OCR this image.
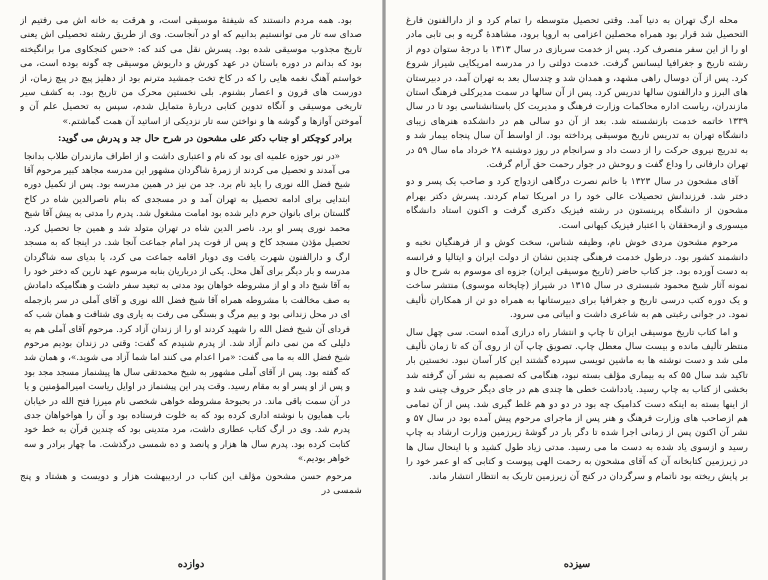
بود. همه مردم دانستند که شیفتهٔ موسیقی است، و هرقت به خانه اش می رفتیم از صدای سه تار می توانستیم بدانیم که او در آنجاست. وی از طریق رشته تحصیلی اش یعنی تاریخ مجذوب موسیقی شده بود. پسرش نقل می کند که: «حس کنجکاوی مرا برانگیخته بود که بدانم در دوره باستان در عهد کورش و داریوش موسیقی چه گونه بوده است، می خواستم آهنگ نغمه هایی را که در کاخ تخت جمشید مترنم بود از دهلیز پیچ در پیچ زمان، از دورست های قرون و اعصار بشنوم. بلی نخستین محرک من تاریخ بود. به کشف سیر تاریخی موسیقی و آنگاه تدوین کتابی دربارهٔ متمایل شدم، سپس به تحصیل علم آن و آموختن آوازها و گوشه ها و نواختن سه تار نزدیکی از اساتید آن همت گماشتم.»

برادر کوچکتر او جناب دکتر علی مشحون در شرح حال جد و پدرش می گوید:

«در نور حوزه علمیه ای بود که نام و اعتباری داشت و از اطراف مازندران طلاب بدانجا می آمدند و تحصیل می کردند از زمرهٔ شاگردان مشهور این مدرسه مجاهد کبیر مرحوم آقا شیخ فضل الله نوری را باید نام برد. جد من نیز در همین مدرسه بود. پس از تکمیل دوره ابتدایی برای ادامه تحصیل به تهران آمد و در مسجدی که بنام ناصرالدین شاه در کاخ گلستان برای بانوان حرم دایر شده بود امامت مشغول شد. پدرم را مدتی به پیش آقا شیخ محمد نوری پسر او برد. ناصر الدین شاه در تهران متولد شد و همین جا تحصیل کرد. تحصیل مؤذن مسجد کاخ و پس از فوت پدر امام جماعت آنجا شد. در اینجا که به مسجد ارگ و دارالفنون شهرت یافت وی دوبار اقامه جماعت می کرد، یا بدیای سه شاگردان مدرسه و بار دیگر برای آهل محل. یکی از درباریان بنابه مرسوم عهد نارین که دختر خود را به آقا شیخ داد و او از مشروطه خواهان بود مدتی به تبعید سفر داشت و هنگامیکه دامادش به صف مخالفت با مشروطه همراه آقا شیخ فضل الله نوری و آقای آملی در سر بازجمله ای در محل زندانی بود و بیم مرگ و بستگی می رفت به یاری وی شتافت و همان شب که فردای آن شیخ فضل الله را شهید کردند او را از زندان آزاد کرد. مرحوم آقای آملی هم به دلیلی که من نمی دانم آزاد شد. از پدرم شنیدم که گفت: وقتی در زندان بودیم مرحوم شیخ فضل الله به ما می گفت: «مرا اعدام می کنند اما شما آزاد می شوید.»، و همان شد که گفته بود. پس از آقای آملی مشهور به شیخ محمدتقی سال ها پیشنماز مسجد مجد بود و پس از او پسر او به مقام رسید. وقت پدر این پیشنماز در اوایل ریاست امیرالمؤمنین و یا در آن سمت باقی ماند. در بحبوحهٔ مشروطه خواهی شخصی نام میرزا فتح الله در خیابان باب همایون با نوشته اداری کرده بود که به خلوت فرستاده بود و آن را هواخواهان جدی پدرم شد. وی در ارگ کتاب عطاری داشت، مرد متدینی بود که چندین قرآن به خط خود کتابت کرده بود. پدرم سال ها هزار و پانصد و ده شمسی درگذشت. ما چهار برادر و سه خواهر بودیم.»

مرحوم حسن مشحون مؤلف این کتاب در اردیبهشت هزار و دویست و هشتاد و پنج شمسی در

دوازده

محله ارگ تهران به دنیا آمد. وقتی تحصیل متوسطه را تمام کرد و از دارالفنون فارغ التحصیل شد قرار بود همراه محصلین اعزامی به اروپا برود، مشاهدهٔ گریه و بی تابی مادر او را از این سفر منصرف کرد. پس از خدمت سربازی در سال ۱۳۱۳ با درجهٔ ستوان دوم از رشته تاریخ و جغرافیا لیسانس گرفت. خدمت دولتی را در مدرسه امریکایی شیراز شروع کرد. پس از آن دوسال راهی مشهد، و همدان شد و چندسال بعد به تهران آمد، در دبیرستان های البرز و دارالفنون سالها تدریس کرد. پس از آن سالها در سمت مدیرکلی فرهنگ استان مازندران، ریاست اداره محاکمات وزارت فرهنگ و مدیریت کل باستانشناسی بود تا در سال ۱۳۳۹ خاتمه خدمت بازنشسته شد. بعد از آن دو سالی هم در دانشکده هنرهای زیبای دانشگاه تهران به تدریس تاریخ موسیقی پرداخته بود. از اواسط آن سال پنجاه بیمار شد و به تدریج نیروی حرکت را از دست داد و سرانجام در روز دوشنبه ۲۸ خرداد ماه سال ۵۹ در تهران دارفانی را وداع گفت و روحش در جوار رحمت حق آرام گرفت.

آقای مشحون در سال ۱۳۲۳ با خانم نصرت درگاهی ازدواج کرد و صاحب یک پسر و دو دختر شد. فرزندانش تحصیلات عالی خود را در امریکا تمام کردند. پسرش دکتر بهرام مشحون از دانشگاه پرینستون در رشته فیزیک دکتری گرفت و اکنون استاد دانشگاه میسوری و ازمحققان با اعتبار فیزیک کیهانی است.

مرحوم مشحون مردی خوش نام، وظیفه شناس، سخت کوش و از فرهنگیان نخبه و دانشمند کشور بود. درطول خدمت فرهنگی چندین نشان از دولت ایران و ایتالیا و فرانسه به دست آورده بود. جز کتاب حاضر (تاریخ موسیقی ایران) جزوه ای موسوم به شرح حال و نمونه آثار شیخ محمود شبستری در سال ۱۳۱۵ در شیراز (چاپخانه موسوی) منتشر ساخت و یک دوره کتب درسی تاریخ و جغرافیا برای دبیرستانها به همراه دو تن از همکاران تألیف نمود. در جوانی رغبتی هم به شاعری داشت و ابیاتی می سرود.

و اما کتاب تاریخ موسیقی ایران تا چاپ و انتشار راه درازی آمده است. سی چهل سال منتظر تألیف مانده و بیست سال معطل چاپ. تصویق چاپ آن از روی آن که تا زمان تألیف ملی شد و دست نوشته ها به ماشین تویسی سپرده گشتند این کار آسان نبود. نخستین بار تاکید شد سال ۵۵ که به بیماری مؤلف بسته نبود، هنگامی که تصمیم به نشر آن گرفته شد بخشی از کتاب به چاپ رسید. یادداشت خطی ها چندی هم در جای دیگر حروف چینی شد و از اینها بسته به اینکه دست کدامیک چه بود در دو دو هم غلط گیری شد. پس از آن تمامی هم ازصاحب های وزارت فرهنگ و هنر پس از ماجرای مرحوم پیش آمده بود در سال ۵۷ و نشر آن اکنون پس از زمانی اجرا شده تا دگر بار در گوشهٔ زیرزمین وزارت ارشاد به چاپ رسید و ازسوی یاد شده به دست ما می رسید. مدتی زیاد طول کشید و با اینحال سال ها در زیرزمین کتابخانه آن که آقای مشحون به رحمت الهی پیوست و کتابی که او عمر خود را بر پایش ریخته بود ناتمام و سرگردان در کنج آن زیرزمین تاریک به انتظار انتشار ماند.

سیزده
